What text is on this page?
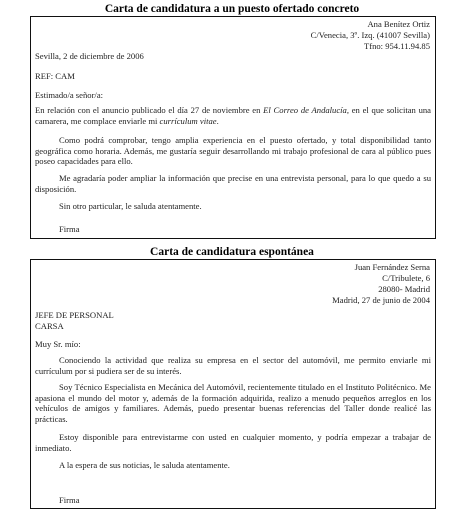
Carta de candidatura a un puesto ofertado concreto
Ana Benítez Ortiz
C/Venecia, 3º. Izq. (41007 Sevilla)
Tfno: 954.11.94.85
Sevilla, 2 de diciembre de 2006
REF: CAM
Estimado/a señor/a:
En relación con el anuncio publicado el día 27 de noviembre en El Correo de Andalucía, en el que solicitan una camarera, me complace enviarle mi currículum vitae.
Como podrá comprobar, tengo amplia experiencia en el puesto ofertado, y total disponibilidad tanto geográfica como horaria. Además, me gustaría seguir desarrollando mi trabajo profesional de cara al público pues poseo capacidades para ello.
Me agradaría poder ampliar la información que precise en una entrevista personal, para lo que quedo a su disposición.
Sin otro particular, le saluda atentamente.
Firma
Carta de candidatura espontánea
Juan Fernández Serna
C/Tribulete, 6
28080- Madrid
Madrid, 27 de junio de 2004
JEFE DE PERSONAL
CARSA
Muy Sr. mío:
Conociendo la actividad que realiza su empresa en el sector del automóvil, me permito enviarle mi currículum por si pudiera ser de su interés.
Soy Técnico Especialista en Mecánica del Automóvil, recientemente titulado en el Instituto Politécnico. Me apasiona el mundo del motor y, además de la formación adquirida, realizo a menudo pequeños arreglos en los vehículos de amigos y familiares. Además, puedo presentar buenas referencias del Taller donde realicé las prácticas.
Estoy disponible para entrevistarme con usted en cualquier momento, y podría empezar a trabajar de inmediato.
A la espera de sus noticias, le saluda atentamente.
Firma
